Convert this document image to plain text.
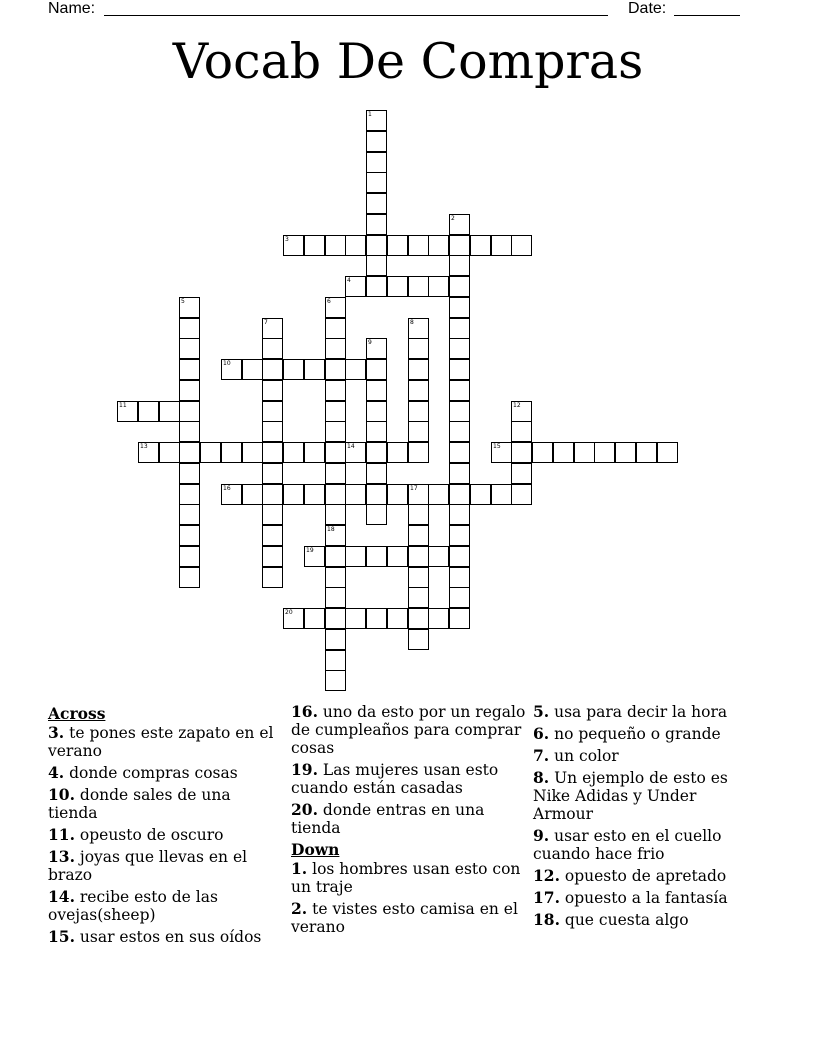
Name:	Date:
Vocab De Compras
1
2
3
4
5	6
7	8
9
10
11	12
13	14	15
16	17
18
19
20
Across
3. te pones este zapato en el verano
4. donde compras cosas
10. donde sales de una tienda
11. opeusto de oscuro
13. joyas que llevas en el brazo
14. recibe esto de las ovejas(sheep)
15. usar estos en sus oídos
16. uno da esto por un regalo de cumpleaños para comprar cosas
19. Las mujeres usan esto cuando están casadas
20. donde entras en una tienda
Down
1. los hombres usan esto con un traje
2. te vistes esto camisa en el verano
5. usa para decir la hora
6. no pequeño o grande
7. un color
8. Un ejemplo de esto es Nike Adidas y Under Armour
9. usar esto en el cuello cuando hace frio
12. opuesto de apretado
17. opuesto a la fantasía
18. que cuesta algo
